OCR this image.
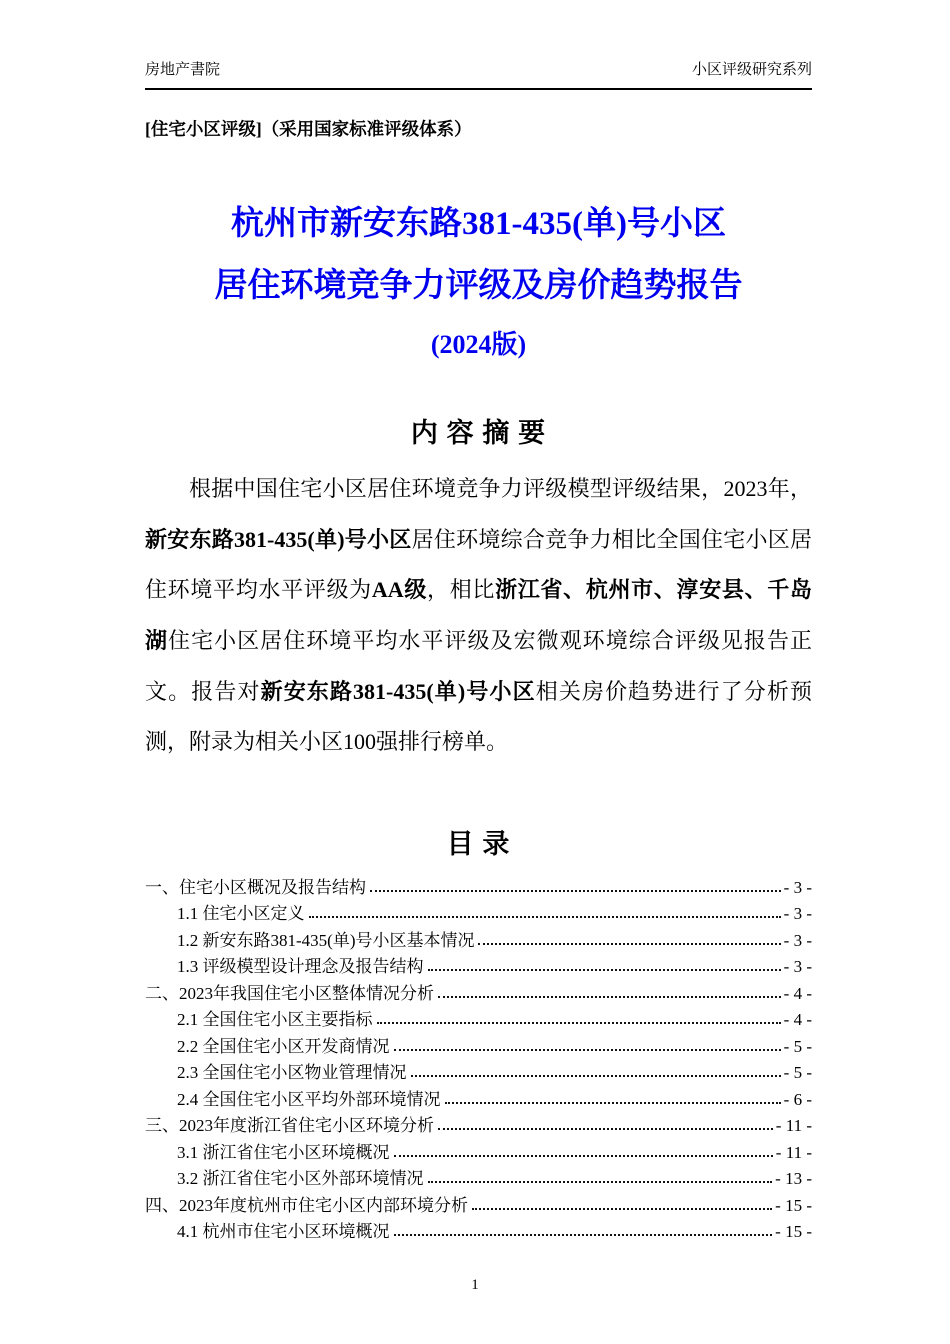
房地产書院	小区评级研究系列
[住宅小区评级]（采用国家标准评级体系）
杭州市新安东路381-435(单)号小区
居住环境竞争力评级及房价趋势报告
(2024版)
内 容 摘 要
根据中国住宅小区居住环境竞争力评级模型评级结果，2023年，新安东路381-435(单)号小区居住环境综合竞争力相比全国住宅小区居住环境平均水平评级为AA级，相比浙江省、杭州市、淳安县、千岛湖住宅小区居住环境平均水平评级及宏微观环境综合评级见报告正文。报告对新安东路381-435(单)号小区相关房价趋势进行了分析预测，附录为相关小区100强排行榜单。
目 录
一、住宅小区概况及报告结构	- 3 -
1.1 住宅小区定义	- 3 -
1.2 新安东路381-435(单)号小区基本情况	- 3 -
1.3 评级模型设计理念及报告结构	- 3 -
二、2023年我国住宅小区整体情况分析	- 4 -
2.1 全国住宅小区主要指标	- 4 -
2.2 全国住宅小区开发商情况	- 5 -
2.3 全国住宅小区物业管理情况	- 5 -
2.4 全国住宅小区平均外部环境情况	- 6 -
三、2023年度浙江省住宅小区环境分析	- 11 -
3.1 浙江省住宅小区环境概况	- 11 -
3.2 浙江省住宅小区外部环境情况	- 13 -
四、2023年度杭州市住宅小区内部环境分析	- 15 -
4.1 杭州市住宅小区环境概况	- 15 -
1
